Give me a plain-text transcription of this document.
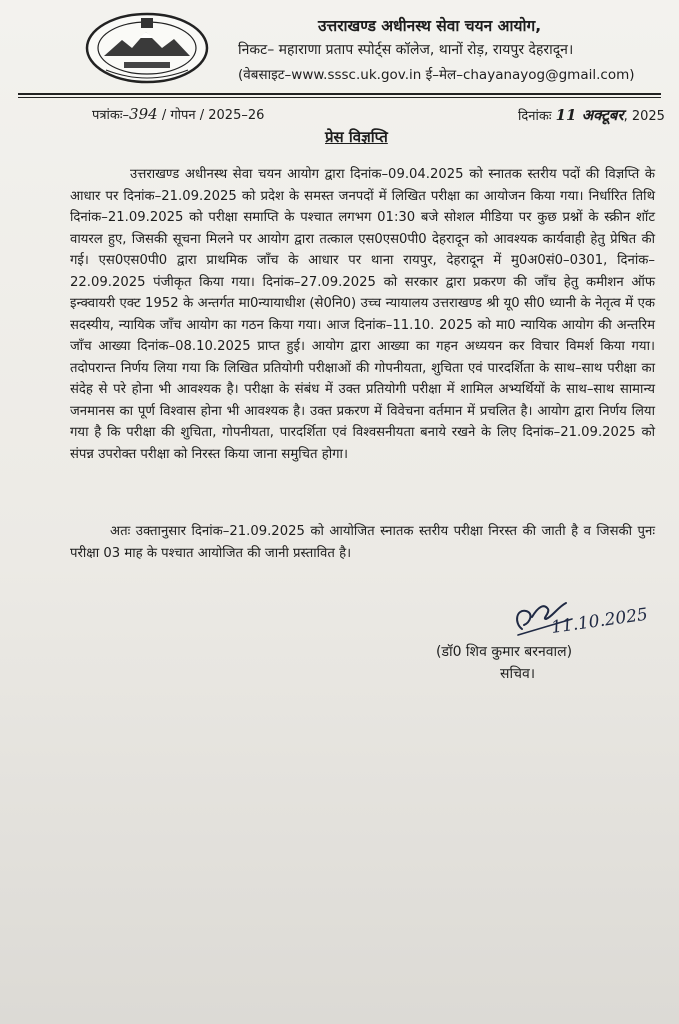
उत्तराखण्ड अधीनस्थ सेवा चयन आयोग,
निकट– महाराणा प्रताप स्पोर्ट्स कॉलेज, थानों रोड़, रायपुर देहरादून।
(वेबसाइट–www.sssc.uk.gov.in ई–मेल–chayanayog@gmail.com)
पत्रांकः–394 / गोपन / 2025–26	दिनांकः 11 अक्टूबर, 2025
प्रेस विज्ञप्ति
उत्तराखण्ड अधीनस्थ सेवा चयन आयोग द्वारा दिनांक–09.04.2025 को स्नातक स्तरीय पदों की विज्ञप्ति के आधार पर दिनांक–21.09.2025 को प्रदेश के समस्त जनपदों में लिखित परीक्षा का आयोजन किया गया। निर्धारित तिथि दिनांक–21.09.2025 को परीक्षा समाप्ति के पश्चात लगभग 01:30 बजे सोशल मीडिया पर कुछ प्रश्नों के स्क्रीन शॉट वायरल हुए, जिसकी सूचना मिलने पर आयोग द्वारा तत्काल एस0एस0पी0 देहरादून को आवश्यक कार्यवाही हेतु प्रेषित की गई। एस0एस0पी0 द्वारा प्राथमिक जाँच के आधार पर थाना रायपुर, देहरादून में मु0अ0सं0–0301, दिनांक–22.09.2025 पंजीकृत किया गया। दिनांक–27.09.2025 को सरकार द्वारा प्रकरण की जाँच हेतु कमीशन ऑफ इन्क्वायरी एक्ट 1952 के अन्तर्गत मा0न्यायाधीश (से0नि0) उच्च न्यायालय उत्तराखण्ड श्री यू0 सी0 ध्यानी के नेतृत्व में एक सदस्यीय, न्यायिक जाँच आयोग का गठन किया गया। आज दिनांक–11.10. 2025 को मा0 न्यायिक आयोग की अन्तरिम जाँच आख्या दिनांक–08.10.2025 प्राप्त हुई। आयोग द्वारा आख्या का गहन अध्ययन कर विचार विमर्श किया गया। तदोपरान्त निर्णय लिया गया कि लिखित प्रतियोगी परीक्षाओं की गोपनीयता, शुचिता एवं पारदर्शिता के साथ–साथ परीक्षा का संदेह से परे होना भी आवश्यक है। परीक्षा के संबंध में उक्त प्रतियोगी परीक्षा में शामिल अभ्यर्थियों के साथ–साथ सामान्य जनमानस का पूर्ण विश्वास होना भी आवश्यक है। उक्त प्रकरण में विवेचना वर्तमान में प्रचलित है। आयोग द्वारा निर्णय लिया गया है कि परीक्षा की शुचिता, गोपनीयता, पारदर्शिता एवं विश्वसनीयता बनाये रखने के लिए दिनांक–21.09.2025 को संपन्न उपरोक्त परीक्षा को निरस्त किया जाना समुचित होगा।
अतः उक्तानुसार दिनांक–21.09.2025 को आयोजित स्नातक स्तरीय परीक्षा निरस्त की जाती है व जिसकी पुनः परीक्षा 03 माह के पश्चात आयोजित की जानी प्रस्तावित है।
11.10.2025
(डॉ0 शिव कुमार बरनवाल)
सचिव।
